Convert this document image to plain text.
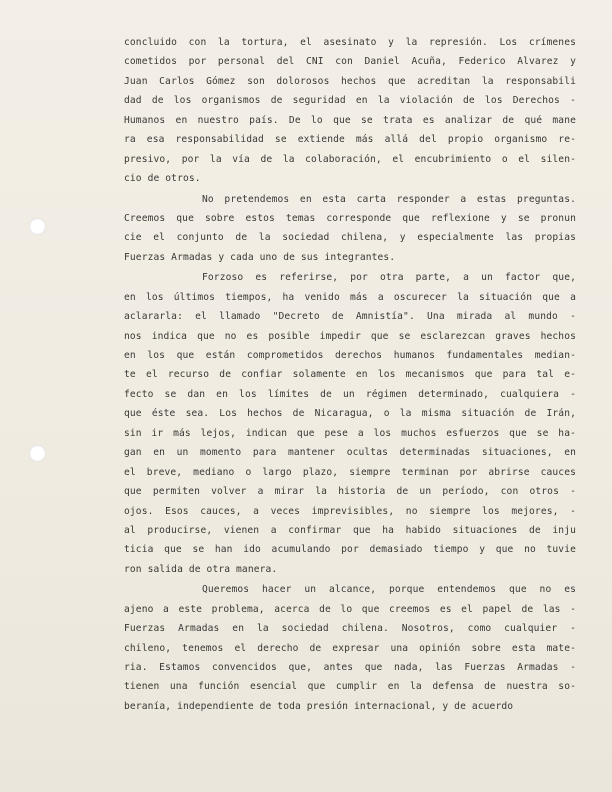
concluido con la tortura, el asesinato y la represión. Los crímenes
cometidos por personal del CNI con Daniel Acuña, Federico Alvarez y
Juan Carlos Gómez son dolorosos hechos que acreditan la responsabili
dad de los organismos de seguridad en la violación de los Derechos -
Humanos en nuestro país. De lo que se trata es analizar de qué mane
ra esa responsabilidad se extiende más allá del propio organismo re-
presivo, por la vía de la colaboración, el encubrimiento o el silen-
cio de otros.
No pretendemos en esta carta responder a estas preguntas.
Creemos que sobre estos temas corresponde que reflexione y se pronun
cie el conjunto de la sociedad chilena, y especialmente las propias
Fuerzas Armadas y cada uno de sus integrantes.
Forzoso es referirse, por otra parte, a un factor que,
en los últimos tiempos, ha venido más a oscurecer la situación que a
aclararla: el llamado "Decreto de Amnistía". Una mirada al mundo -
nos indica que no es posible impedir que se esclarezcan graves hechos
en los que están comprometidos derechos humanos fundamentales median-
te el recurso de confiar solamente en los mecanismos que para tal e-
fecto se dan en los límites de un régimen determinado, cualquiera -
que éste sea. Los hechos de Nicaragua, o la misma situación de Irán,
sin ir más lejos, indican que pese a los muchos esfuerzos que se ha-
gan en un momento para mantener ocultas determinadas situaciones, en
el breve, mediano o largo plazo, siempre terminan por abrirse cauces
que permiten volver a mirar la historia de un período, con otros -
ojos. Esos cauces, a veces imprevisibles, no siempre los mejores, -
al producirse, vienen a confirmar que ha habido situaciones de inju
ticia que se han ido acumulando por demasiado tiempo y que no tuvie
ron salida de otra manera.
Queremos hacer un alcance, porque entendemos que no es
ajeno a este problema, acerca de lo que creemos es el papel de las -
Fuerzas Armadas en la sociedad chilena. Nosotros, como cualquier -
chileno, tenemos el derecho de expresar una opinión sobre esta mate-
ria. Estamos convencidos que, antes que nada, las Fuerzas Armadas -
tienen una función esencial que cumplir en la defensa de nuestra so-
beranía, independiente de toda presión internacional, y de acuerdo
